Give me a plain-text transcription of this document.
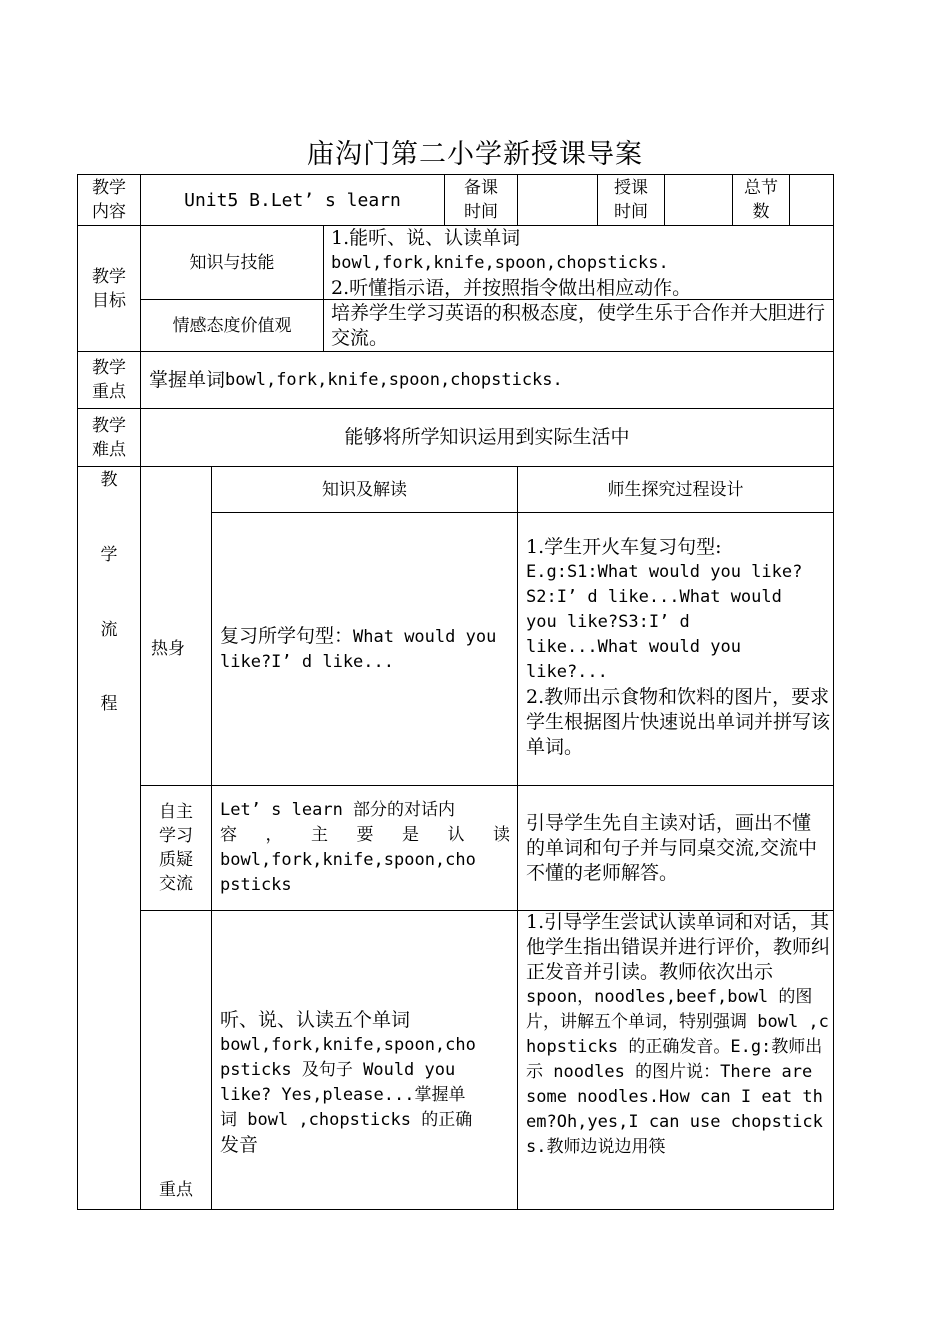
庙沟门第二小学新授课导案
教学内容
Unit5 B.Let’ s learn
备课时间
授课时间
总节数
教学目标
知识与技能
1.能听、说、认读单词
bowl,fork,knife,spoon,chopsticks.
2.听懂指示语，并按照指令做出相应动作。
情感态度价值观
培养学生学习英语的积极态度，使学生乐于合作并大胆进行交流。
教学重点
掌握单词 bowl,fork,knife,spoon,chopsticks.
教学难点
能够将所学知识运用到实际生活中
教
学
流
程
知识及解读	师生探究过程设计
热身
复习所学句型：What would you like?I’ d like...
1.学生开火车复习句型:
E.g:S1:What would you like?
S2:I’ d like...What would
you like?S3:I’ d
like...What would you
like?...
2.教师出示食物和饮料的图片，要求学生根据图片快速说出单词并拼写该单词。
自主学习质疑交流
Let’ s learn 部分的对话内
容 ， 主 要 是 认 读
bowl,fork,knife,spoon,cho
psticks
引导学生先自主读对话，画出不懂的单词和句子并与同桌交流,交流中不懂的老师解答。
重点
听、说、认读五个单词
bowl,fork,knife,spoon,cho
psticks 及句子 Would you
like? Yes,please...掌握单
词 bowl ,chopsticks 的正确
发音
1.引导学生尝试认读单词和对话，其他学生指出错误并进行评价，教师纠正发音并引读。教师依次出示
spoon，noodles,beef,bowl 的图片，讲解五个单词，特别强调 bowl ,chopsticks 的正确发音。E.g:教师出示 noodles 的图片说：There are some noodles.How can I eat them?Oh,yes,I can use chopsticks.教师边说边用筷
